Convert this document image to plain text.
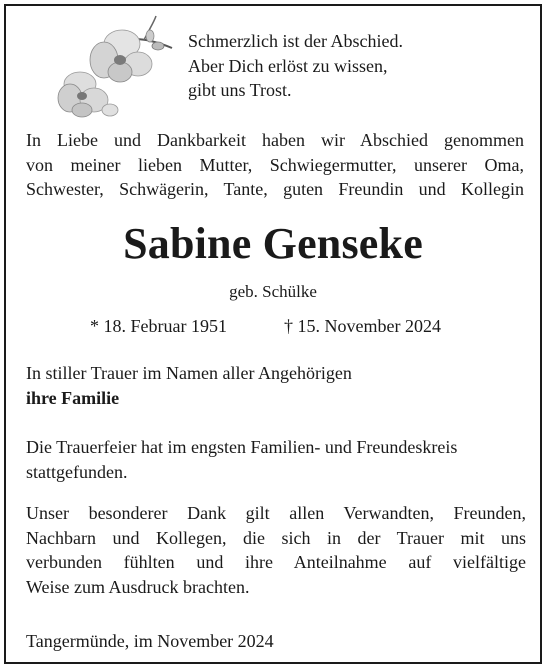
Schmerzlich ist der Abschied.
Aber Dich erlöst zu wissen,
gibt uns Trost.
In Liebe und Dankbarkeit haben wir Abschied genommen
von meiner lieben Mutter, Schwiegermutter, unserer Oma,
Schwester, Schwägerin, Tante, guten Freundin und Kollegin
Sabine Genseke
geb. Schülke
* 18. Februar 1951	† 15. November 2024
In stiller Trauer im Namen aller Angehörigen
ihre Familie
Die Trauerfeier hat im engsten Familien- und Freundeskreis
stattgefunden.
Unser besonderer Dank gilt allen Verwandten, Freunden,
Nachbarn und Kollegen, die sich in der Trauer mit uns
verbunden fühlten und ihre Anteilnahme auf vielfältige
Weise zum Ausdruck brachten.
Tangermünde, im November 2024
